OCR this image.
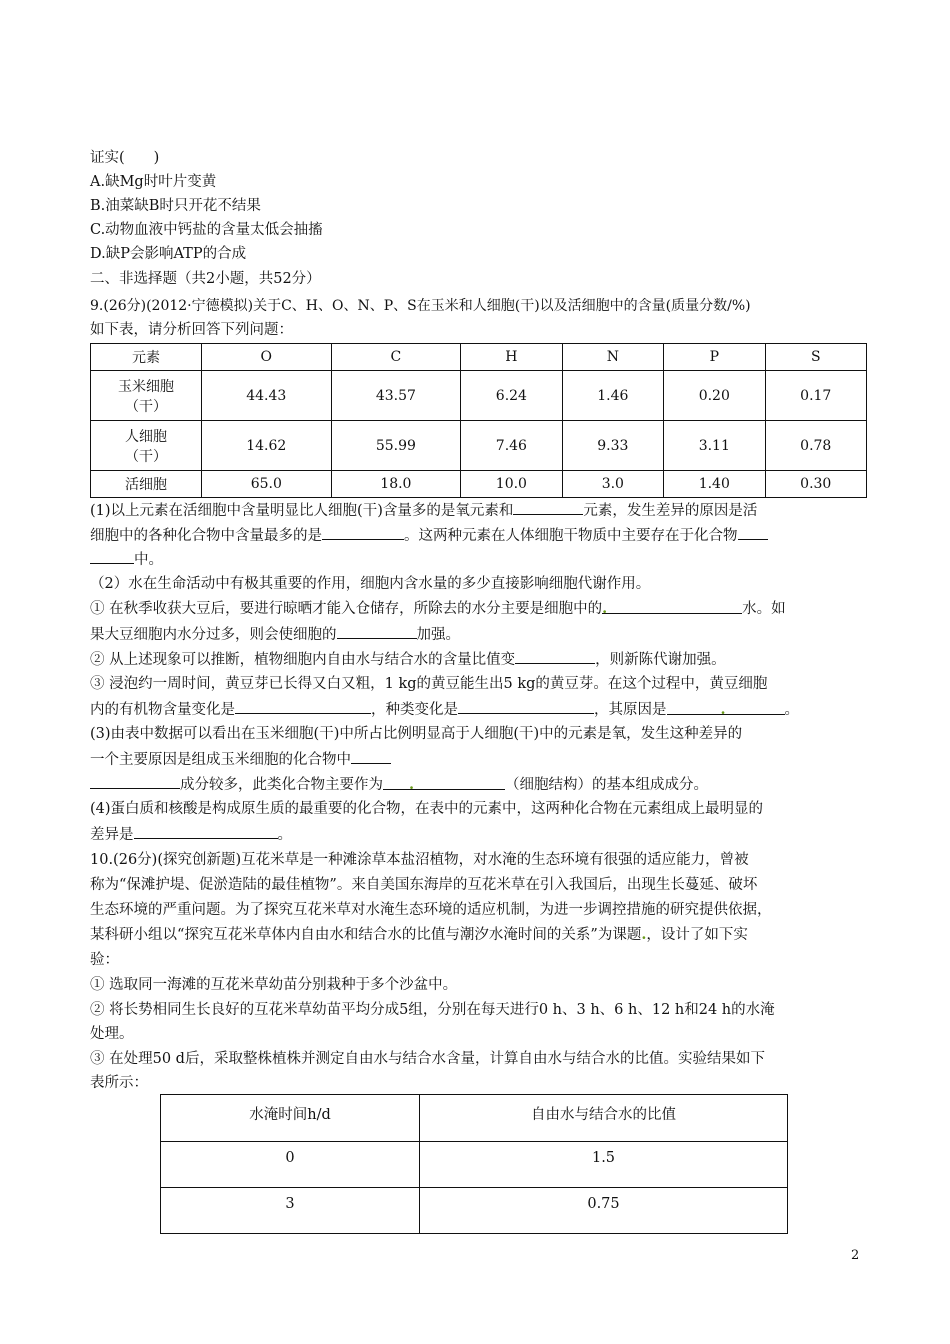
证实(　　)
A.缺Mg时叶片变黄
B.油菜缺B时只开花不结果
C.动物血液中钙盐的含量太低会抽搐
D.缺P会影响ATP的合成
二、非选择题（共2小题，共52分）
9.(26分)(2012·宁德模拟)关于C、H、O、N、P、S在玉米和人细胞(干)以及活细胞中的含量(质量分数/%)
如下表，请分析回答下列问题：
元素	O	C	H	N	P	S

玉米细胞
（干）	44.43	43.57	6.24	1.46	0.20	0.17

人细胞
（干）	14.62	55.99	7.46	9.33	3.11	0.78
活细胞	65.0	18.0	10.0	3.0	1.40	0.30
(1)以上元素在活细胞中含量明显比人细胞(干)含量多的是氧元素和	元素，发生差异的原因是活
细胞中的各种化合物中含量最多的是	。这两种元素在人体细胞干物质中主要存在于化合物
中。
（2）水在生命活动中有极其重要的作用，细胞内含水量的多少直接影响细胞代谢作用。
① 在秋季收获大豆后，要进行晾晒才能入仓储存，所除去的水分主要是细胞中的.	水。如
果大豆细胞内水分过多，则会使细胞的	加强。
② 从上述现象可以推断，植物细胞内自由水与结合水的含量比值变	，则新陈代谢加强。
③ 浸泡约一周时间，黄豆芽已长得又白又粗，1 kg的黄豆能生出5 kg的黄豆芽。在这个过程中，黄豆细胞
内的有机物含量变化是	，种类变化是	，其原因是	.	。
(3)由表中数据可以看出在玉米细胞(干)中所占比例明显高于人细胞(干)中的元素是氧，发生这种差异的
一个主要原因是组成玉米细胞的化合物中
成分较多，此类化合物主要作为 .	（细胞结构）的基本组成成分。
(4)蛋白质和核酸是构成原生质的最重要的化合物，在表中的元素中，这两种化合物在元素组成上最明显的
差异是	。
10.(26分)(探究创新题)互花米草是一种滩涂草本盐沼植物，对水淹的生态环境有很强的适应能力，曾被
称为“保滩护堤、促淤造陆的最佳植物”。来自美国东海岸的互花米草在引入我国后，出现生长蔓延、破坏
生态环境的严重问题。为了探究互花米草对水淹生态环境的适应机制，为进一步调控措施的研究提供依据，
某科研小组以“探究互花米草体内自由水和结合水的比值与潮汐水淹时间的关系”为课题.，设计了如下实
验：
① 选取同一海滩的互花米草幼苗分别栽种于多个沙盆中。
② 将长势相同生长良好的互花米草幼苗平均分成5组，分别在每天进行0 h、3 h、6 h、12 h和24 h的水淹
处理。
③ 在处理50 d后，采取整株植株并测定自由水与结合水含量，计算自由水与结合水的比值。实验结果如下
表所示：
水淹时间h/d	自由水与结合水的比值
0	1.5
3	0.75
2
